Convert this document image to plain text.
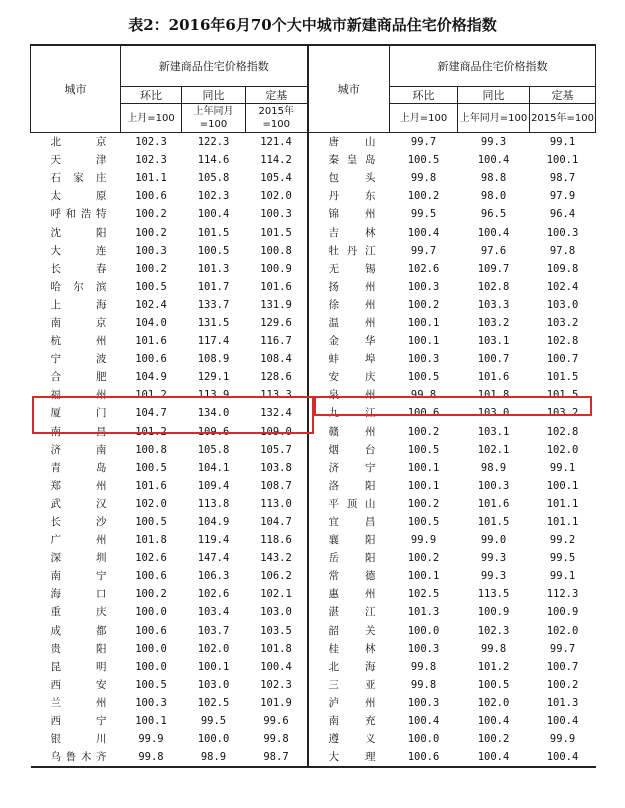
表2：2016年6月70个大中城市新建商品住宅价格指数
城市	新建商品住宅价格指数			城市	新建商品住宅价格指数		
	环比	同比	定基		环比	同比	定基
	上月=100	上年同月=100	2015年=100		上月=100	上年同月=100	2015年=100
北京	102.3	122.3	121.4	唐山	99.7	99.3	99.1
天津	102.3	114.6	114.2	秦皇岛	100.5	100.4	100.1
石家庄	101.1	105.8	105.4	包头	99.8	98.8	98.7
太原	100.6	102.3	102.0	丹东	100.2	98.0	97.9
呼和浩特	100.2	100.4	100.3	锦州	99.5	96.5	96.4
沈阳	100.2	101.5	101.5	吉林	100.4	100.4	100.3
大连	100.3	100.5	100.8	牡丹江	99.7	97.6	97.8
长春	100.2	101.3	100.9	无锡	102.6	109.7	109.8
哈尔滨	100.5	101.7	101.6	扬州	100.3	102.8	102.4
上海	102.4	133.7	131.9	徐州	100.2	103.3	103.0
南京	104.0	131.5	129.6	温州	100.1	103.2	103.2
杭州	101.6	117.4	116.7	金华	100.1	103.1	102.8
宁波	100.6	108.9	108.4	蚌埠	100.3	100.7	100.7
合肥	104.9	129.1	128.6	安庆	100.5	101.6	101.5
福州	101.2	113.9	113.3	泉州	99.8	101.8	101.5
厦门	104.7	134.0	132.4	九江	100.6	103.0	103.2
南昌	101.2	109.6	109.0	赣州	100.2	103.1	102.8
济南	100.8	105.8	105.7	烟台	100.5	102.1	102.0
青岛	100.5	104.1	103.8	济宁	100.1	98.9	99.1
郑州	101.6	109.4	108.7	洛阳	100.1	100.3	100.1
武汉	102.0	113.8	113.0	平顶山	100.2	101.6	101.1
长沙	100.5	104.9	104.7	宜昌	100.5	101.5	101.1
广州	101.8	119.4	118.6	襄阳	99.9	99.0	99.2
深圳	102.6	147.4	143.2	岳阳	100.2	99.3	99.5
南宁	100.6	106.3	106.2	常德	100.1	99.3	99.1
海口	100.2	102.6	102.1	惠州	102.5	113.5	112.3
重庆	100.0	103.4	103.0	湛江	101.3	100.9	100.9
成都	100.6	103.7	103.5	韶关	100.0	102.3	102.0
贵阳	100.0	102.0	101.8	桂林	100.3	99.8	99.7
昆明	100.0	100.1	100.4	北海	99.8	101.2	100.7
西安	100.5	103.0	102.3	三亚	99.8	100.5	100.2
兰州	100.3	102.5	101.9	泸州	100.3	102.0	101.3
西宁	100.1	99.5	99.6	南充	100.4	100.4	100.4
银川	99.9	100.0	99.8	遵义	100.0	100.2	99.9
乌鲁木齐	99.8	98.9	98.7	大理	100.6	100.4	100.4
